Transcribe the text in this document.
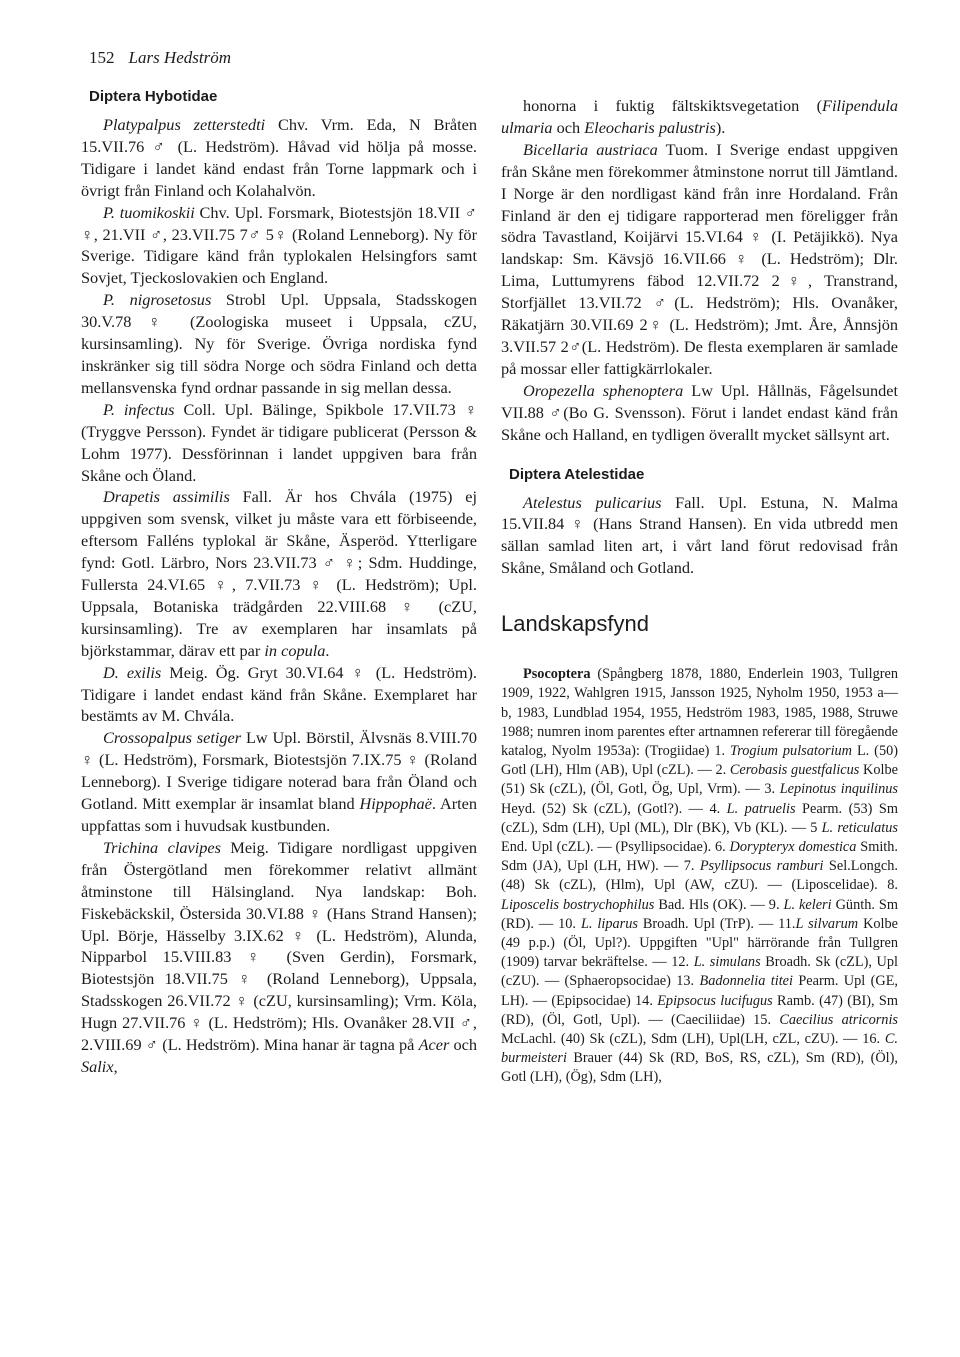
152 Lars Hedström
Diptera Hybotidae

Platypalpus zetterstedti Chv. Vrm. Eda, N Bråten 15.VII.76 ♂ (L. Hedström). Håvad vid hölja på mosse. Tidigare i landet känd endast från Torne lappmark och i övrigt från Finland och Kolahalvön.

P. tuomikoskii Chv. Upl. Forsmark, Biotestsjön 18.VII ♂ ♀, 21.VII ♂, 23.VII.75 7♂ 5♀ (Roland Lenneborg). Ny för Sverige. Tidigare känd från typlokalen Helsingfors samt Sovjet, Tjeckoslovakien och England.

P. nigrosetosus Strobl Upl. Uppsala, Stadsskogen 30.V.78 ♀ (Zoologiska museet i Uppsala, cZU, kursinsamling). Ny för Sverige. Övriga nordiska fynd inskränker sig till södra Norge och södra Finland och detta mellansvenska fynd ordnar passande in sig mellan dessa.

P. infectus Coll. Upl. Bälinge, Spikbole 17.VII.73 ♀ (Tryggve Persson). Fyndet är tidigare publicerat (Persson & Lohm 1977). Dessförinnan i landet uppgiven bara från Skåne och Öland.

Drapetis assimilis Fall. Är hos Chvála (1975) ej uppgiven som svensk, vilket ju måste vara ett förbiseende, eftersom Falléns typlokal är Skåne, Äsperöd. Ytterligare fynd: Gotl. Lärbro, Nors 23.VII.73 ♂ ♀; Sdm. Huddinge, Fullersta 24.VI.65 ♀, 7.VII.73 ♀ (L. Hedström); Upl. Uppsala, Botaniska trädgården 22.VIII.68 ♀ (cZU, kursinsamling). Tre av exemplaren har insamlats på björkstammar, därav ett par in copula.

D. exilis Meig. Ög. Gryt 30.VI.64 ♀ (L. Hedström). Tidigare i landet endast känd från Skåne. Exemplaret har bestämts av M. Chvála.

Crossopalpus setiger Lw Upl. Börstil, Älvsnäs 8.VIII.70 ♀ (L. Hedström), Forsmark, Biotestsjön 7.IX.75 ♀ (Roland Lenneborg). I Sverige tidigare noterad bara från Öland och Gotland. Mitt exemplar är insamlat bland Hippophaë. Arten uppfattas som i huvudsak kustbunden.

Trichina clavipes Meig. Tidigare nordligast uppgiven från Östergötland men förekommer relativt allmänt åtminstone till Hälsingland. Nya landskap: Boh. Fiskebäckskil, Östersida 30.VI.88 ♀ (Hans Strand Hansen); Upl. Börje, Hässelby 3.IX.62 ♀ (L. Hedström), Alunda, Nipparbol 15.VIII.83 ♀ (Sven Gerdin), Forsmark, Biotestsjön 18.VII.75 ♀ (Roland Lenneborg), Uppsala, Stadsskogen 26.VII.72 ♀ (cZU, kursinsamling); Vrm. Köla, Hugn 27.VII.76 ♀ (L. Hedström); Hls. Ovanåker 28.VII ♂, 2.VIII.69 ♂ (L. Hedström). Mina hanar är tagna på Acer och Salix,

honorna i fuktig fältskiktsvegetation (Filipendula ulmaria och Eleocharis palustris).

Bicellaria austriaca Tuom. I Sverige endast uppgiven från Skåne men förekommer åtminstone norrut till Jämtland. I Norge är den nordligast känd från inre Hordaland. Från Finland är den ej tidigare rapporterad men föreligger från södra Tavastland, Koijärvi 15.VI.64 ♀ (I. Petäjikkö). Nya landskap: Sm. Kävsjö 16.VII.66 ♀ (L. Hedström); Dlr. Lima, Luttumyrens fäbod 12.VII.72 2♀, Transtrand, Storfjället 13.VII.72 ♂(L. Hedström); Hls. Ovanåker, Räkatjärn 30.VII.69 2♀ (L. Hedström); Jmt. Åre, Ånnsjön 3.VII.57 2♂(L. Hedström). De flesta exemplaren är samlade på mossar eller fattigkärrlokaler.

Oropezella sphenoptera Lw Upl. Hållnäs, Fågelsundet VII.88 ♂(Bo G. Svensson). Förut i landet endast känd från Skåne och Halland, en tydligen överallt mycket sällsynt art.

Diptera Atelestidae

Atelestus pulicarius Fall. Upl. Estuna, N. Malma 15.VII.84 ♀ (Hans Strand Hansen). En vida utbredd men sällan samlad liten art, i vårt land förut redovisad från Skåne, Småland och Gotland.

Landskapsfynd

Psocoptera (Spångberg 1878, 1880, Enderlein 1903, Tullgren 1909, 1922, Wahlgren 1915, Jansson 1925, Nyholm 1950, 1953 a—b, 1983, Lundblad 1954, 1955, Hedström 1983, 1985, 1988, Struwe 1988; numren inom parentes efter artnamnen refererar till föregående katalog, Nyolm 1953a): (Trogiidae) 1. Trogium pulsatorium L. (50) Gotl (LH), Hlm (AB), Upl (cZL). — 2. Cerobasis guestfalicus Kolbe (51) Sk (cZL), (Öl, Gotl, Ög, Upl, Vrm). — 3. Lepinotus inquilinus Heyd. (52) Sk (cZL), (Gotl?). — 4. L. patruelis Pearm. (53) Sm (cZL), Sdm (LH), Upl (ML), Dlr (BK), Vb (KL). — 5 L. reticulatus End. Upl (cZL). — (Psyllipsocidae). 6. Dorypteryx domestica Smith. Sdm (JA), Upl (LH, HW). — 7. Psyllipsocus ramburi Sel.Longch. (48) Sk (cZL), (Hlm), Upl (AW, cZU). — (Liposcelidae). 8. Liposcelis bostrychophilus Bad. Hls (OK). — 9. L. keleri Günth. Sm (RD). — 10. L. liparus Broadh. Upl (TrP). — 11.L silvarum Kolbe (49 p.p.) (Öl, Upl?). Uppgiften "Upl" härrörande från Tullgren (1909) tarvar bekräftelse. — 12. L. simulans Broadh. Sk (cZL), Upl (cZU). — (Sphaeropsocidae) 13. Badonnelia titei Pearm. Upl (GE, LH). — (Epipsocidae) 14. Epipsocus lucifugus Ramb. (47) (BI), Sm (RD), (Öl, Gotl, Upl). — (Caeciliidae) 15. Caecilius atricornis McLachl. (40) Sk (cZL), Sdm (LH), Upl(LH, cZL, cZU). — 16. C. burmeisteri Brauer (44) Sk (RD, BoS, RS, cZL), Sm (RD), (Öl), Gotl (LH), (Ög), Sdm (LH),
